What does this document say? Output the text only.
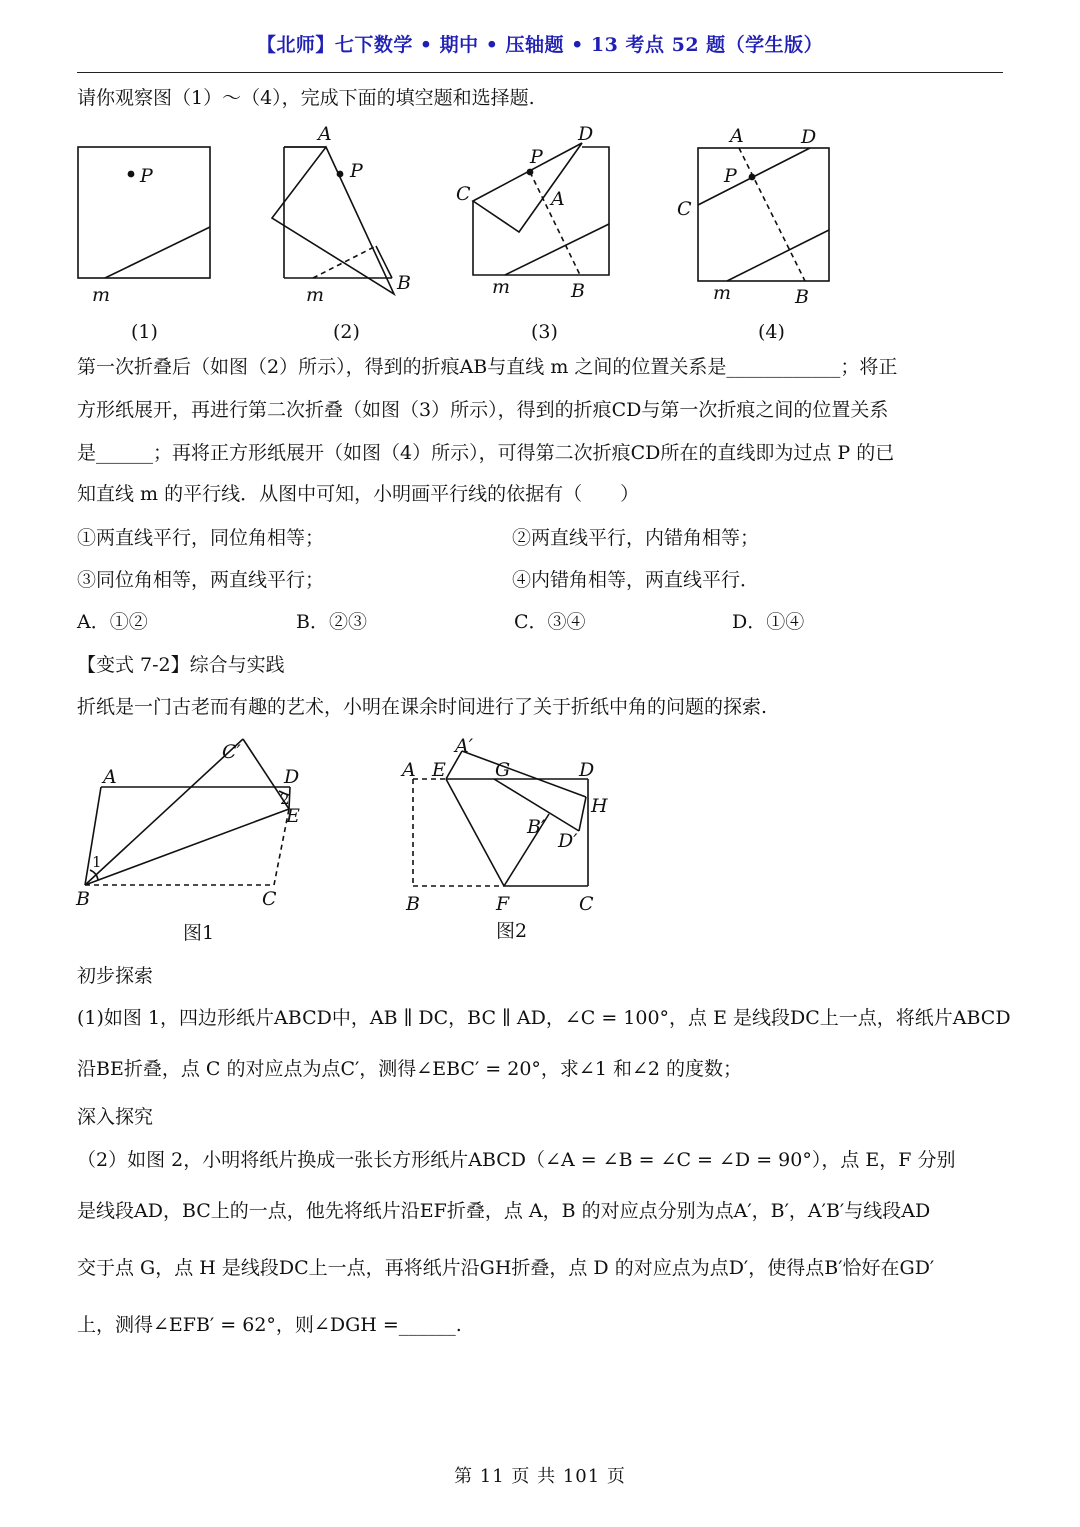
【北师】七下数学 • 期中 • 压轴题 • 13 考点 52 题（学生版）
请你观察图（1）～（4），完成下面的填空题和选择题.
P
m
A
P
B
m
D
P
C	A
m	B
A	D
P
C
m	B
(1)	(2)	(3)	(4)
第一次折叠后（如图（2）所示），得到的折痕AB与直线 m 之间的位置关系是____________；将正
方形纸展开，再进行第二次折叠（如图（3）所示），得到的折痕CD与第一次折痕之间的位置关系
是______；再将正方形纸展开（如图（4）所示），可得第二次折痕CD所在的直线即为过点 P 的已
知直线 m 的平行线．从图中可知，小明画平行线的依据有（　　）
①两直线平行，同位角相等；	②两直线平行，内错角相等；
③同位角相等，两直线平行；	④内错角相等，两直线平行．
A．①②	B．②③	C．③④	D．①④
【变式 7-2】综合与实践
折纸是一门古老而有趣的艺术，小明在课余时间进行了关于折纸中角的问题的探索.
A
C′
D
E
B	C
A E
A′
G	D
H
B′
D′
B	F	C
1
2
图1	图2
初步探索
(1)如图 1，四边形纸片ABCD中，AB ∥ DC，BC ∥ AD，∠C = 100°，点 E 是线段DC上一点，将纸片ABCD
沿BE折叠，点 C 的对应点为点C′，测得∠EBC′ = 20°，求∠1 和∠2 的度数；
深入探究
（2）如图 2，小明将纸片换成一张长方形纸片ABCD（∠A = ∠B = ∠C = ∠D = 90°），点 E，F 分别
是线段AD，BC上的一点，他先将纸片沿EF折叠，点 A，B 的对应点分别为点A′，B′，A′B′与线段AD
交于点 G，点 H 是线段DC上一点，再将纸片沿GH折叠，点 D 的对应点为点D′，使得点B′恰好在GD′
上，测得∠EFB′ = 62°，则∠DGH =______.
第 11 页 共 101 页
